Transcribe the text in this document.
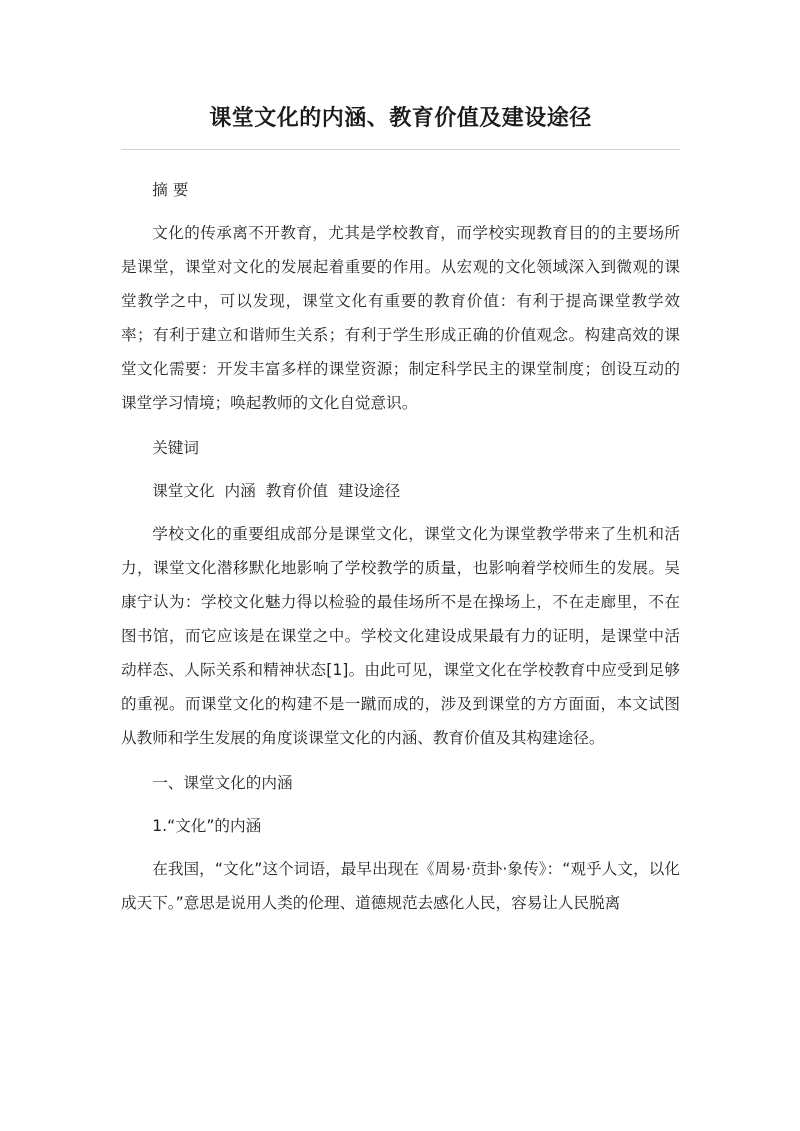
课堂文化的内涵、教育价值及建设途径

摘 要

文化的传承离不开教育，尤其是学校教育，而学校实现教育目的的主要场所是课堂，课堂对文化的发展起着重要的作用。从宏观的文化领域深入到微观的课堂教学之中，可以发现，课堂文化有重要的教育价值：有利于提高课堂教学效率；有利于建立和谐师生关系；有利于学生形成正确的价值观念。构建高效的课堂文化需要：开发丰富多样的课堂资源；制定科学民主的课堂制度；创设互动的课堂学习情境；唤起教师的文化自觉意识。

关键词

课堂文化  内涵  教育价值  建设途径

学校文化的重要组成部分是课堂文化，课堂文化为课堂教学带来了生机和活力，课堂文化潜移默化地影响了学校教学的质量，也影响着学校师生的发展。吴康宁认为：学校文化魅力得以检验的最佳场所不是在操场上，不在走廊里，不在图书馆，而它应该是在课堂之中。学校文化建设成果最有力的证明，是课堂中活动样态、人际关系和精神状态[1]。由此可见，课堂文化在学校教育中应受到足够的重视。而课堂文化的构建不是一蹴而成的，涉及到课堂的方方面面，本文试图从教师和学生发展的角度谈课堂文化的内涵、教育价值及其构建途径。

一、课堂文化的内涵

1.“文化”的内涵

在我国，“文化”这个词语，最早出现在《周易·贲卦·象传》：“观乎人文，以化成天下。”意思是说用人类的伦理、道德规范去感化人民，容易让人民脱离
